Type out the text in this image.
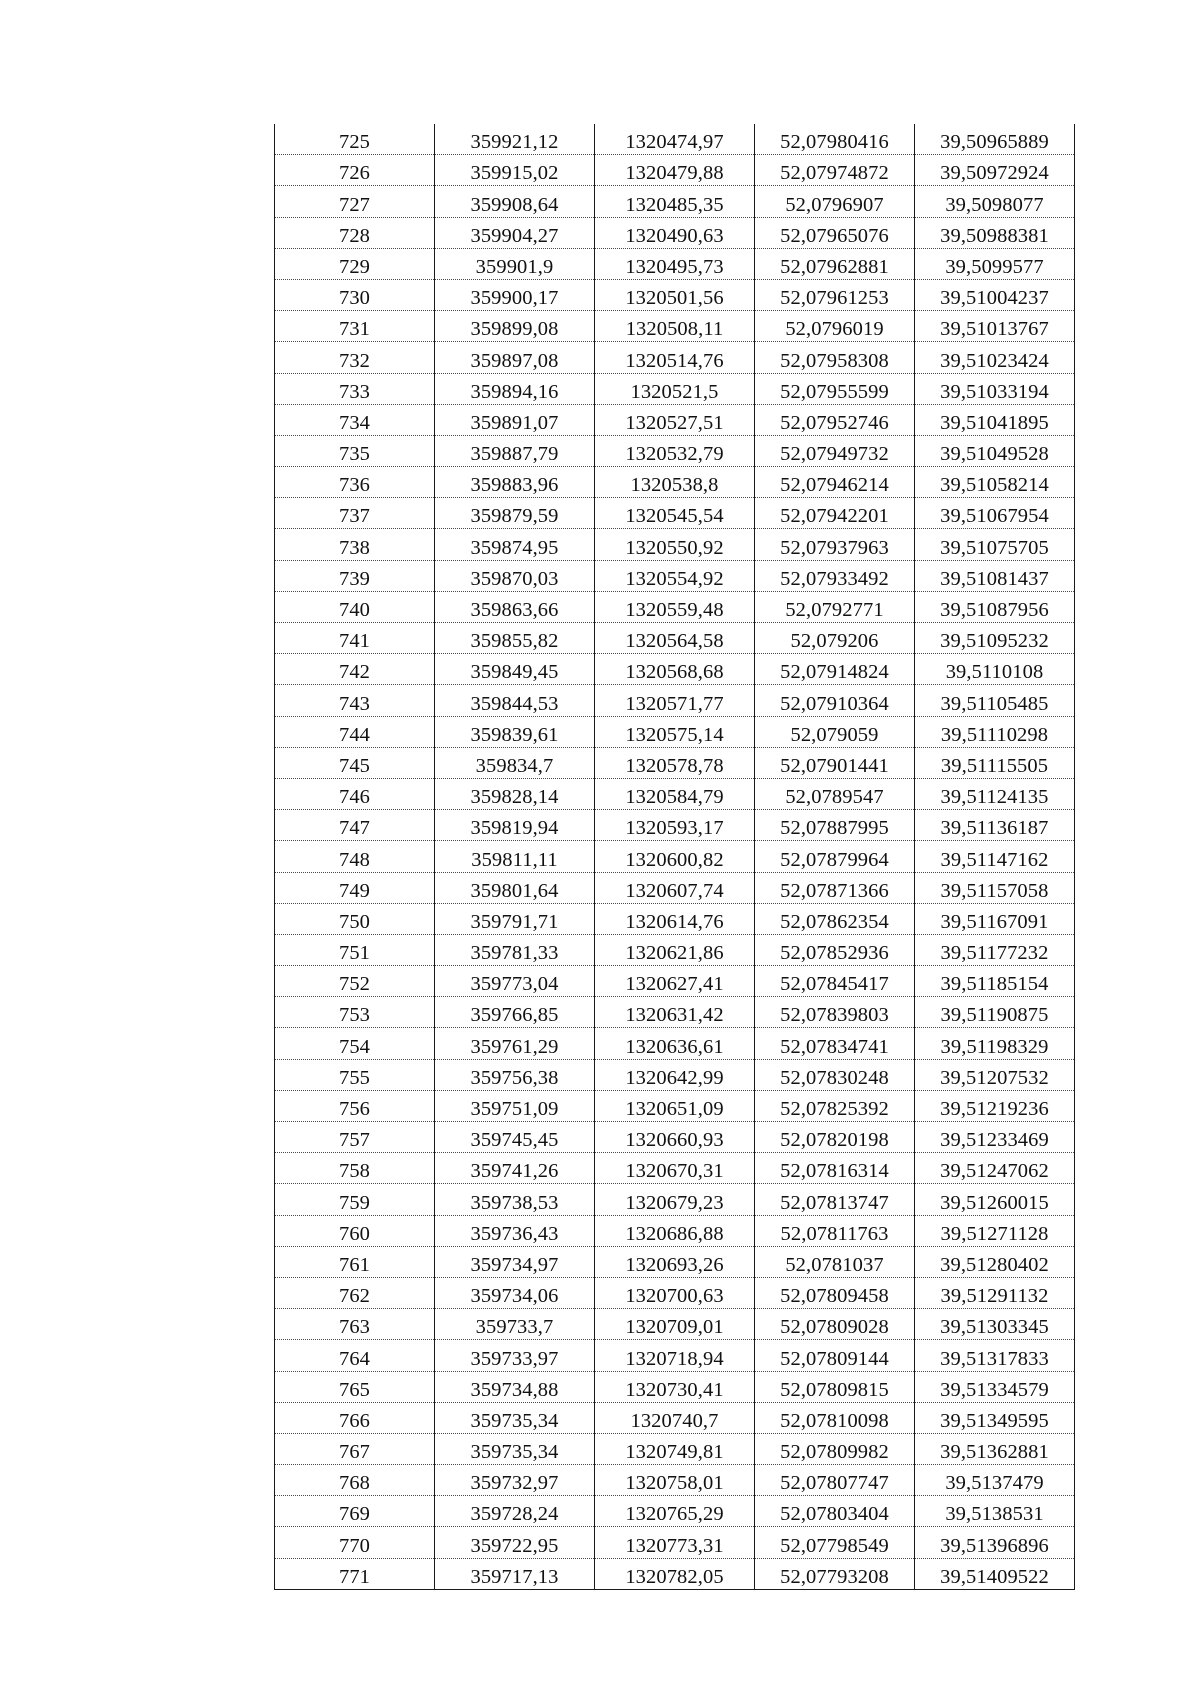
725	359921,12	1320474,97	52,07980416	39,50965889
726	359915,02	1320479,88	52,07974872	39,50972924
727	359908,64	1320485,35	52,0796907	39,5098077
728	359904,27	1320490,63	52,07965076	39,50988381
729	359901,9	1320495,73	52,07962881	39,5099577
730	359900,17	1320501,56	52,07961253	39,51004237
731	359899,08	1320508,11	52,0796019	39,51013767
732	359897,08	1320514,76	52,07958308	39,51023424
733	359894,16	1320521,5	52,07955599	39,51033194
734	359891,07	1320527,51	52,07952746	39,51041895
735	359887,79	1320532,79	52,07949732	39,51049528
736	359883,96	1320538,8	52,07946214	39,51058214
737	359879,59	1320545,54	52,07942201	39,51067954
738	359874,95	1320550,92	52,07937963	39,51075705
739	359870,03	1320554,92	52,07933492	39,51081437
740	359863,66	1320559,48	52,0792771	39,51087956
741	359855,82	1320564,58	52,079206	39,51095232
742	359849,45	1320568,68	52,07914824	39,5110108
743	359844,53	1320571,77	52,07910364	39,51105485
744	359839,61	1320575,14	52,079059	39,51110298
745	359834,7	1320578,78	52,07901441	39,51115505
746	359828,14	1320584,79	52,0789547	39,51124135
747	359819,94	1320593,17	52,07887995	39,51136187
748	359811,11	1320600,82	52,07879964	39,51147162
749	359801,64	1320607,74	52,07871366	39,51157058
750	359791,71	1320614,76	52,07862354	39,51167091
751	359781,33	1320621,86	52,07852936	39,51177232
752	359773,04	1320627,41	52,07845417	39,51185154
753	359766,85	1320631,42	52,07839803	39,51190875
754	359761,29	1320636,61	52,07834741	39,51198329
755	359756,38	1320642,99	52,07830248	39,51207532
756	359751,09	1320651,09	52,07825392	39,51219236
757	359745,45	1320660,93	52,07820198	39,51233469
758	359741,26	1320670,31	52,07816314	39,51247062
759	359738,53	1320679,23	52,07813747	39,51260015
760	359736,43	1320686,88	52,07811763	39,51271128
761	359734,97	1320693,26	52,0781037	39,51280402
762	359734,06	1320700,63	52,07809458	39,51291132
763	359733,7	1320709,01	52,07809028	39,51303345
764	359733,97	1320718,94	52,07809144	39,51317833
765	359734,88	1320730,41	52,07809815	39,51334579
766	359735,34	1320740,7	52,07810098	39,51349595
767	359735,34	1320749,81	52,07809982	39,51362881
768	359732,97	1320758,01	52,07807747	39,5137479
769	359728,24	1320765,29	52,07803404	39,5138531
770	359722,95	1320773,31	52,07798549	39,51396896
771	359717,13	1320782,05	52,07793208	39,51409522
